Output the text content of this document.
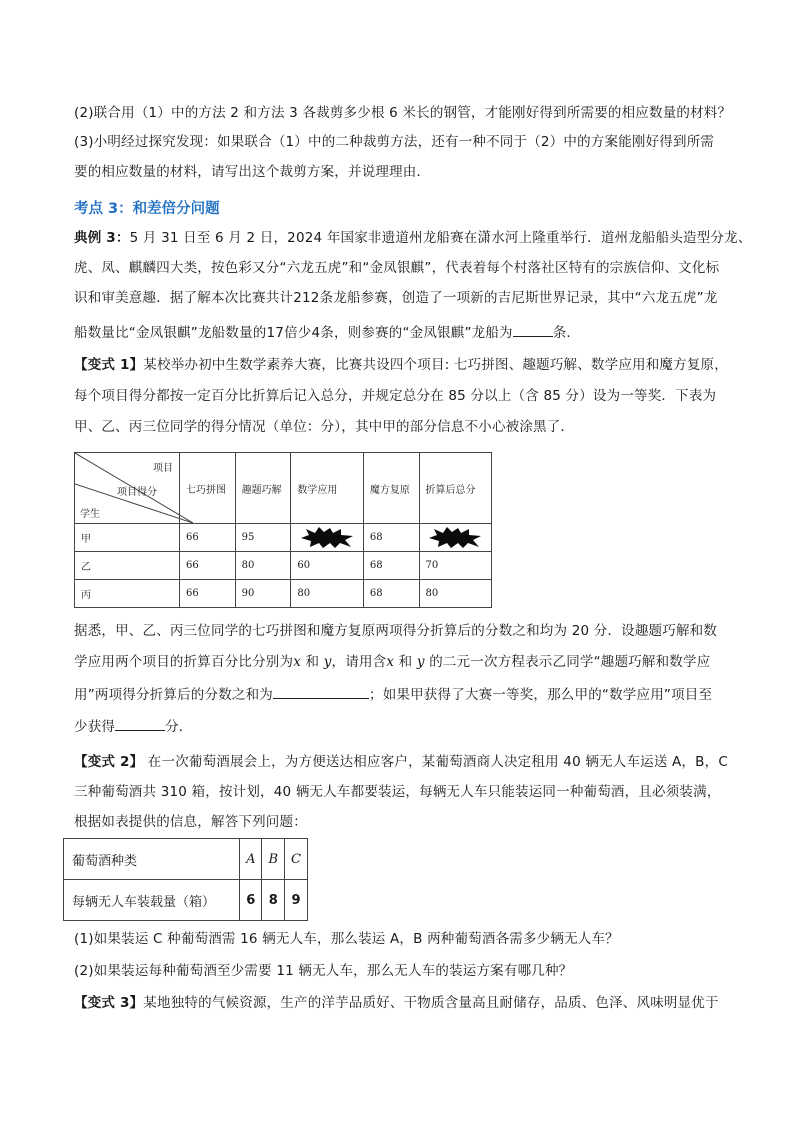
(2)联合用（1）中的方法 2 和方法 3 各裁剪多少根 6 米长的钢管，才能刚好得到所需要的相应数量的材料？
(3)小明经过探究发现：如果联合（1）中的二种裁剪方法，还有一种不同于（2）中的方案能刚好得到所需
要的相应数量的材料，请写出这个裁剪方案，并说理理由．
考点 3：和差倍分问题
典例 3：5 月 31 日至 6 月 2 日，2024 年国家非遗道州龙船赛在潇水河上隆重举行．道州龙船船头造型分龙、
虎、凤、麒麟四大类，按色彩又分“六龙五虎”和“金凤银麒”，代表着每个村落社区特有的宗族信仰、文化标
识和审美意趣．据了解本次比赛共计212条龙船参赛，创造了一项新的吉尼斯世界记录，其中“六龙五虎”龙
船数量比“金凤银麒”龙船数量的17倍少4条，则参赛的“金凤银麒”龙船为	条．
【变式 1】某校举办初中生数学素养大赛，比赛共设四个项目: 七巧拼图、趣题巧解、数学应用和魔方复原，
每个项目得分都按一定百分比折算后记入总分，并规定总分在 85 分以上（含 85 分）设为一等奖．下表为
甲、乙、丙三位同学的得分情况（单位：分），其中甲的部分信息不小心被涂黑了．
项目
项目得分
学生	七巧拼图	趣题巧解	数学应用	魔方复原	折算后总分
甲	66	95		68	

乙	66	80	60	68	70
丙	66	90	80	68	80
据悉，甲、乙、丙三位同学的七巧拼图和魔方复原两项得分折算后的分数之和均为 20 分．设趣题巧解和数
学应用两个项目的折算百分比分别为x 和 y，请用含x 和 y 的二元一次方程表示乙同学“趣题巧解和数学应
用”两项得分折算后的分数之和为	；如果甲获得了大赛一等奖，那么甲的“数学应用”项目至
少获得	分．
【变式 2】 在一次葡萄酒展会上，为方便送达相应客户，某葡萄酒商人决定租用 40 辆无人车运送 A，B，C
三种葡萄酒共 310 箱，按计划，40 辆无人车都要装运，每辆无人车只能装运同一种葡萄酒，且必须装满，
根据如表提供的信息，解答下列问题：
葡萄酒种类	A	B	C
每辆无人车装载量（箱）	6	8	9
(1)如果装运 C 种葡萄酒需 16 辆无人车，那么装运 A，B 两种葡萄酒各需多少辆无人车？
(2)如果装运每种葡萄酒至少需要 11 辆无人车，那么无人车的装运方案有哪几种？
【变式 3】某地独特的气候资源，生产的洋芋品质好、干物质含量高且耐储存，品质、色泽、风味明显优于
